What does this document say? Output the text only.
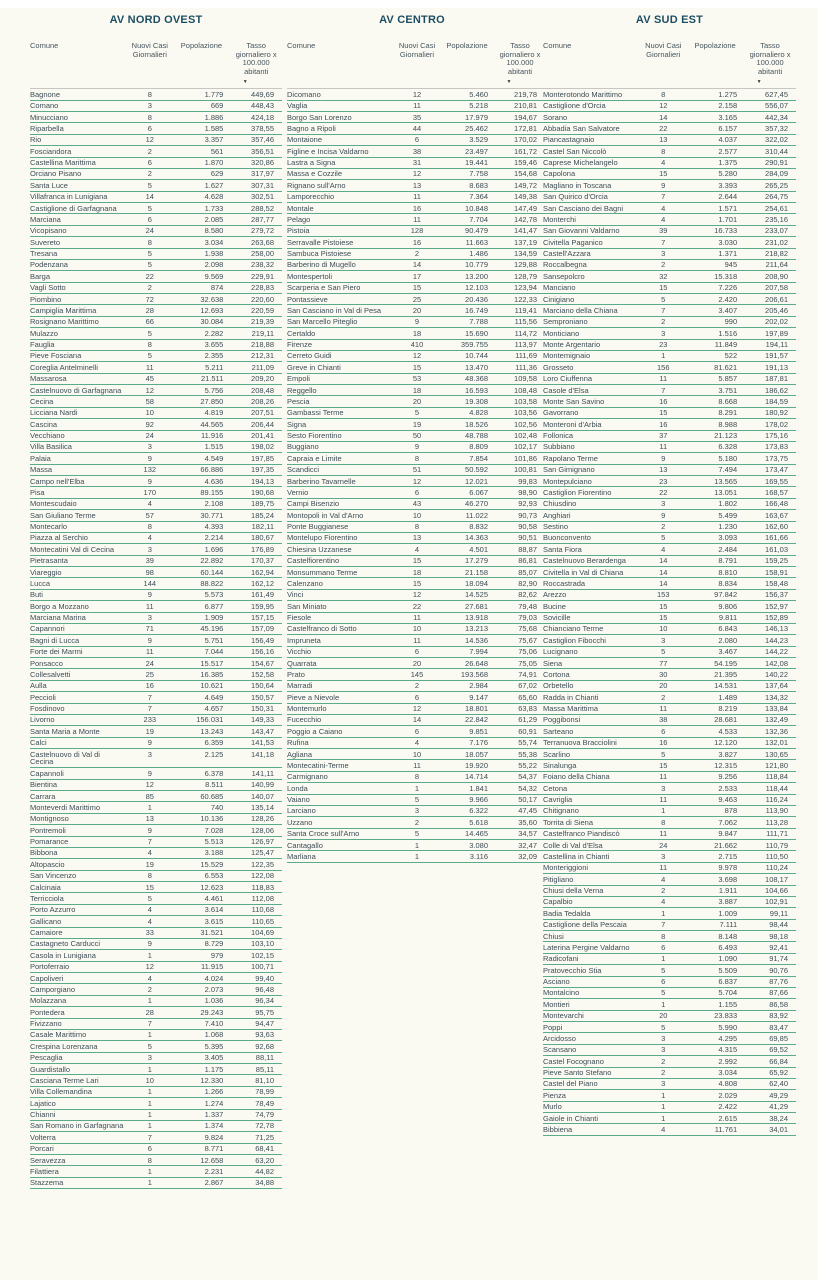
AV NORD OVEST
Comune	Nuovi Casi Giornalieri	Popolazione	Tasso giornaliero x 100.000 abitanti
▼

Bagnone	8	1.779	449,69
Comano	3	669	448,43
Minucciano	8	1.886	424,18
Riparbella	6	1.585	378,55
Rio	12	3.357	357,46
Fosciandora	2	561	356,51
Castellina Marittima	6	1.870	320,86
Orciano Pisano	2	629	317,97
Santa Luce	5	1.627	307,31
Villafranca in Lunigiana	14	4.628	302,51
Castiglione di Garfagnana	5	1.733	288,52
Marciana	6	2.085	287,77
Vicopisano	24	8.580	279,72
Suvereto	8	3.034	263,68
Tresana	5	1.938	258,00
Podenzana	5	2.098	238,32
Barga	22	9.569	229,91
Vagli Sotto	2	874	228,83
Piombino	72	32.638	220,60
Campiglia Marittima	28	12.693	220,59
Rosignano Marittimo	66	30.084	219,39
Mulazzo	5	2.282	219,11
Fauglia	8	3.655	218,88
Pieve Fosciana	5	2.355	212,31
Coreglia Antelminelli	11	5.211	211,09
Massarosa	45	21.511	209,20
Castelnuovo di Garfagnana	12	5.756	208,48
Cecina	58	27.850	208,26
Licciana Nardi	10	4.819	207,51
Cascina	92	44.565	206,44
Vecchiano	24	11.916	201,41
Villa Basilica	3	1.515	198,02
Palaia	9	4.549	197,85
Massa	132	66.886	197,35
Campo nell'Elba	9	4.636	194,13
Pisa	170	89.155	190,68
Montescudaio	4	2.108	189,75
San Giuliano Terme	57	30.771	185,24
Montecarlo	8	4.393	182,11
Piazza al Serchio	4	2.214	180,67
Montecatini Val di Cecina	3	1.696	176,89
Pietrasanta	39	22.892	170,37
Viareggio	98	60.144	162,94
Lucca	144	88.822	162,12
Buti	9	5.573	161,49
Borgo a Mozzano	11	6.877	159,95
Marciana Marina	3	1.909	157,15
Capannori	71	45.196	157,09
Bagni di Lucca	9	5.751	156,49
Forte dei Marmi	11	7.044	156,16
Ponsacco	24	15.517	154,67
Collesalvetti	25	16.385	152,58
Aulla	16	10.621	150,64
Peccioli	7	4.649	150,57
Fosdinovo	7	4.657	150,31
Livorno	233	156.031	149,33
Santa Maria a Monte	19	13.243	143,47
Calci	9	6.359	141,53
Castelnuovo di Val di Cecina	3	2.125	141,18
Capannoli	9	6.378	141,11
Bientina	12	8.511	140,99
Carrara	85	60.685	140,07
Monteverdi Marittimo	1	740	135,14
Montignoso	13	10.136	128,26
Pontremoli	9	7.028	128,06
Pomarance	7	5.513	126,97
Bibbona	4	3.188	125,47
Altopascio	19	15.529	122,35
San Vincenzo	8	6.553	122,08
Calcinaia	15	12.623	118,83
Terricciola	5	4.461	112,08
Porto Azzurro	4	3.614	110,68
Gallicano	4	3.615	110,65
Camaiore	33	31.521	104,69
Castagneto Carducci	9	8.729	103,10
Casola in Lunigiana	1	979	102,15
Portoferraio	12	11.915	100,71
Capoliveri	4	4.024	99,40
Camporgiano	2	2.073	96,48
Molazzana	1	1.036	96,34
Pontedera	28	29.243	95,75
Fivizzano	7	7.410	94,47
Casale Marittimo	1	1.068	93,63
Crespina Lorenzana	5	5.395	92,68
Pescaglia	3	3.405	88,11
Guardistallo	1	1.175	85,11
Casciana Terme Lari	10	12.330	81,10
Villa Collemandina	1	1.266	78,99
Lajatico	1	1.274	78,49
Chianni	1	1.337	74,79
San Romano in Garfagnana	1	1.374	72,78
Volterra	7	9.824	71,25
Porcari	6	8.771	68,41
Seravezza	8	12.658	63,20
Filattiera	1	2.231	44,82
Stazzema	1	2.867	34,88
AV CENTRO
Comune	Nuovi Casi Giornalieri	Popolazione	Tasso giornaliero x 100.000 abitanti
▼

Dicomano	12	5.460	219,78
Vaglia	11	5.218	210,81
Borgo San Lorenzo	35	17.979	194,67
Bagno a Ripoli	44	25.462	172,81
Montaione	6	3.529	170,02
Figline e Incisa Valdarno	38	23.497	161,72
Lastra a Signa	31	19.441	159,46
Massa e Cozzile	12	7.758	154,68
Rignano sull'Arno	13	8.683	149,72
Lamporecchio	11	7.364	149,38
Montale	16	10.848	147,49
Pelago	11	7.704	142,78
Pistoia	128	90.479	141,47
Serravalle Pistoiese	16	11.663	137,19
Sambuca Pistoiese	2	1.486	134,59
Barberino di Mugello	14	10.779	129,88
Montespertoli	17	13.200	128,79
Scarperia e San Piero	15	12.103	123,94
Pontassieve	25	20.436	122,33
San Casciano in Val di Pesa	20	16.749	119,41
San Marcello Piteglio	9	7.788	115,56
Certaldo	18	15.690	114,72
Firenze	410	359.755	113,97
Cerreto Guidi	12	10.744	111,69
Greve in Chianti	15	13.470	111,36
Empoli	53	48.368	109,58
Reggello	18	16.593	108,48
Pescia	20	19.308	103,58
Gambassi Terme	5	4.828	103,56
Signa	19	18.526	102,56
Sesto Fiorentino	50	48.788	102,48
Buggiano	9	8.809	102,17
Capraia e Limite	8	7.854	101,86
Scandicci	51	50.592	100,81
Barberino Tavarnelle	12	12.021	99,83
Vernio	6	6.067	98,90
Campi Bisenzio	43	46.270	92,93
Montopoli in Val d'Arno	10	11.022	90,73
Ponte Buggianese	8	8.832	90,58
Montelupo Fiorentino	13	14.363	90,51
Chiesina Uzzanese	4	4.501	88,87
Castelfiorentino	15	17.279	86,81
Monsummano Terme	18	21.158	85,07
Calenzano	15	18.094	82,90
Vinci	12	14.525	82,62
San Miniato	22	27.681	79,48
Fiesole	11	13.918	79,03
Castelfranco di Sotto	10	13.213	75,68
Impruneta	11	14.536	75,67
Vicchio	6	7.994	75,06
Quarrata	20	26.648	75,05
Prato	145	193.568	74,91
Marradi	2	2.984	67,02
Pieve a Nievole	6	9.147	65,60
Montemurlo	12	18.801	63,83
Fucecchio	14	22.842	61,29
Poggio a Caiano	6	9.851	60,91
Rufina	4	7.176	55,74
Agliana	10	18.057	55,38
Montecatini-Terme	11	19.920	55,22
Carmignano	8	14.714	54,37
Londa	1	1.841	54,32
Vaiano	5	9.966	50,17
Larciano	3	6.322	47,45
Uzzano	2	5.618	35,60
Santa Croce sull'Arno	5	14.465	34,57
Cantagallo	1	3.080	32,47
Marliana	1	3.116	32,09
AV SUD EST
Comune	Nuovi Casi Giornalieri	Popolazione	Tasso giornaliero x 100.000 abitanti
▼

Monterotondo Marittimo	8	1.275	627,45
Castiglione d'Orcia	12	2.158	556,07
Sorano	14	3.165	442,34
Abbadia San Salvatore	22	6.157	357,32
Piancastagnaio	13	4.037	322,02
Castel San Niccolò	8	2.577	310,44
Caprese Michelangelo	4	1.375	290,91
Capolona	15	5.280	284,09
Magliano in Toscana	9	3.393	265,25
San Quirico d'Orcia	7	2.644	264,75
San Casciano dei Bagni	4	1.571	254,61
Monterchi	4	1.701	235,16
San Giovanni Valdarno	39	16.733	233,07
Civitella Paganico	7	3.030	231,02
Castell'Azzara	3	1.371	218,82
Roccalbegna	2	945	211,64
Sansepolcro	32	15.318	208,90
Manciano	15	7.226	207,58
Cinigiano	5	2.420	206,61
Marciano della Chiana	7	3.407	205,46
Semproniano	2	990	202,02
Monticiano	3	1.516	197,89
Monte Argentario	23	11.849	194,11
Montemignaio	1	522	191,57
Grosseto	156	81.621	191,13
Loro Ciuffenna	11	5.857	187,81
Casole d'Elsa	7	3.751	186,62
Monte San Savino	16	8.668	184,59
Gavorrano	15	8.291	180,92
Monteroni d'Arbia	16	8.988	178,02
Follonica	37	21.123	175,16
Subbiano	11	6.328	173,83
Rapolano Terme	9	5.180	173,75
San Gimignano	13	7.494	173,47
Montepulciano	23	13.565	169,55
Castiglion Fiorentino	22	13.051	168,57
Chiusdino	3	1.802	166,48
Anghiari	9	5.499	163,67
Sestino	2	1.230	162,60
Buonconvento	5	3.093	161,66
Santa Fiora	4	2.484	161,03
Castelnuovo Berardenga	14	8.791	159,25
Civitella in Val di Chiana	14	8.810	158,91
Roccastrada	14	8.834	158,48
Arezzo	153	97.842	156,37
Bucine	15	9.806	152,97
Sovicille	15	9.811	152,89
Chianciano Terme	10	6.843	146,13
Castiglion Fibocchi	3	2.080	144,23
Lucignano	5	3.467	144,22
Siena	77	54.195	142,08
Cortona	30	21.395	140,22
Orbetello	20	14.531	137,64
Radda in Chianti	2	1.489	134,32
Massa Marittima	11	8.219	133,84
Poggibonsi	38	28.681	132,49
Sarteano	6	4.533	132,36
Terranuova Bracciolini	16	12.120	132,01
Scarlino	5	3.827	130,65
Sinalunga	15	12.315	121,80
Foiano della Chiana	11	9.256	118,84
Cetona	3	2.533	118,44
Cavriglia	11	9.463	116,24
Chitignano	1	878	113,90
Torrita di Siena	8	7.062	113,28
Castelfranco Piandiscò	11	9.847	111,71
Colle di Val d'Elsa	24	21.662	110,79
Castellina in Chianti	3	2.715	110,50
Monteriggioni	11	9.978	110,24
Pitigliano	4	3.698	108,17
Chiusi della Verna	2	1.911	104,66
Capalbio	4	3.887	102,91
Badia Tedalda	1	1.009	99,11
Castiglione della Pescaia	7	7.111	98,44
Chiusi	8	8.148	98,18
Laterina Pergine Valdarno	6	6.493	92,41
Radicofani	1	1.090	91,74
Pratovecchio Stia	5	5.509	90,76
Asciano	6	6.837	87,76
Montalcino	5	5.704	87,66
Montieri	1	1.155	86,58
Montevarchi	20	23.833	83,92
Poppi	5	5.990	83,47
Arcidosso	3	4.295	69,85
Scansano	3	4.315	69,52
Castel Focognano	2	2.992	66,84
Pieve Santo Stefano	2	3.034	65,92
Castel del Piano	3	4.808	62,40
Pienza	1	2.029	49,29
Murlo	1	2.422	41,29
Gaiole in Chianti	1	2.615	38,24
Bibbiena	4	11.761	34,01
